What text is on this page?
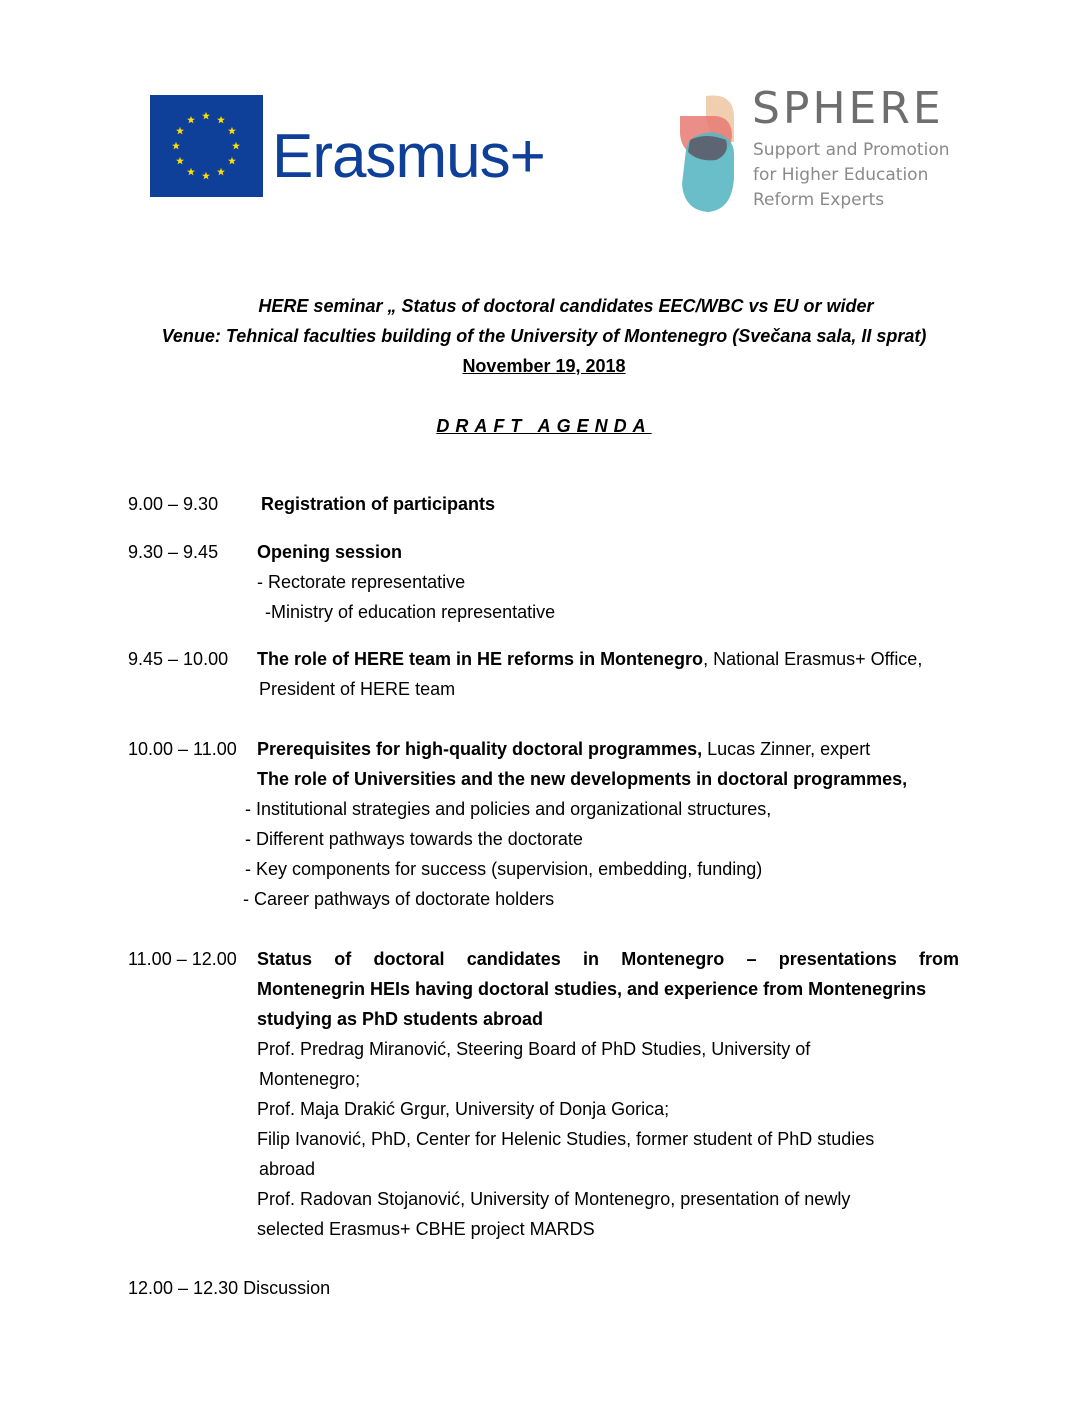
Erasmus+
SPHERE
Support and Promotion
for Higher Education
Reform Experts
HERE seminar „ Status of doctoral candidates EEC/WBC vs EU or wider
Venue: Tehnical faculties building of the University of Montenegro (Svečana sala, II sprat)
November 19, 2018
DRAFT AGENDA
9.00 – 9.30 Registration of participants
9.30 – 9.45 Opening session
- Rectorate representative
-Ministry of education representative
9.45 – 10.00 The role of HERE team in HE reforms in Montenegro, National Erasmus+ Office,
President of HERE team
10.00 – 11.00 Prerequisites for high-quality doctoral programmes, Lucas Zinner, expert
The role of Universities and the new developments in doctoral programmes,
- Institutional strategies and policies and organizational structures,
- Different pathways towards the doctorate
- Key components for success (supervision, embedding, funding)
- Career pathways of doctorate holders
11.00 – 12.00 Status of doctoral candidates in Montenegro – presentations from
Montenegrin HEIs having doctoral studies, and experience from Montenegrins
studying as PhD students abroad
Prof. Predrag Miranović, Steering Board of PhD Studies, University of
Montenegro;
Prof. Maja Drakić Grgur, University of Donja Gorica;
Filip Ivanović, PhD, Center for Helenic Studies, former student of PhD studies
abroad
Prof. Radovan Stojanović, University of Montenegro, presentation of newly
selected Erasmus+ CBHE project MARDS
12.00 – 12.30 Discussion
